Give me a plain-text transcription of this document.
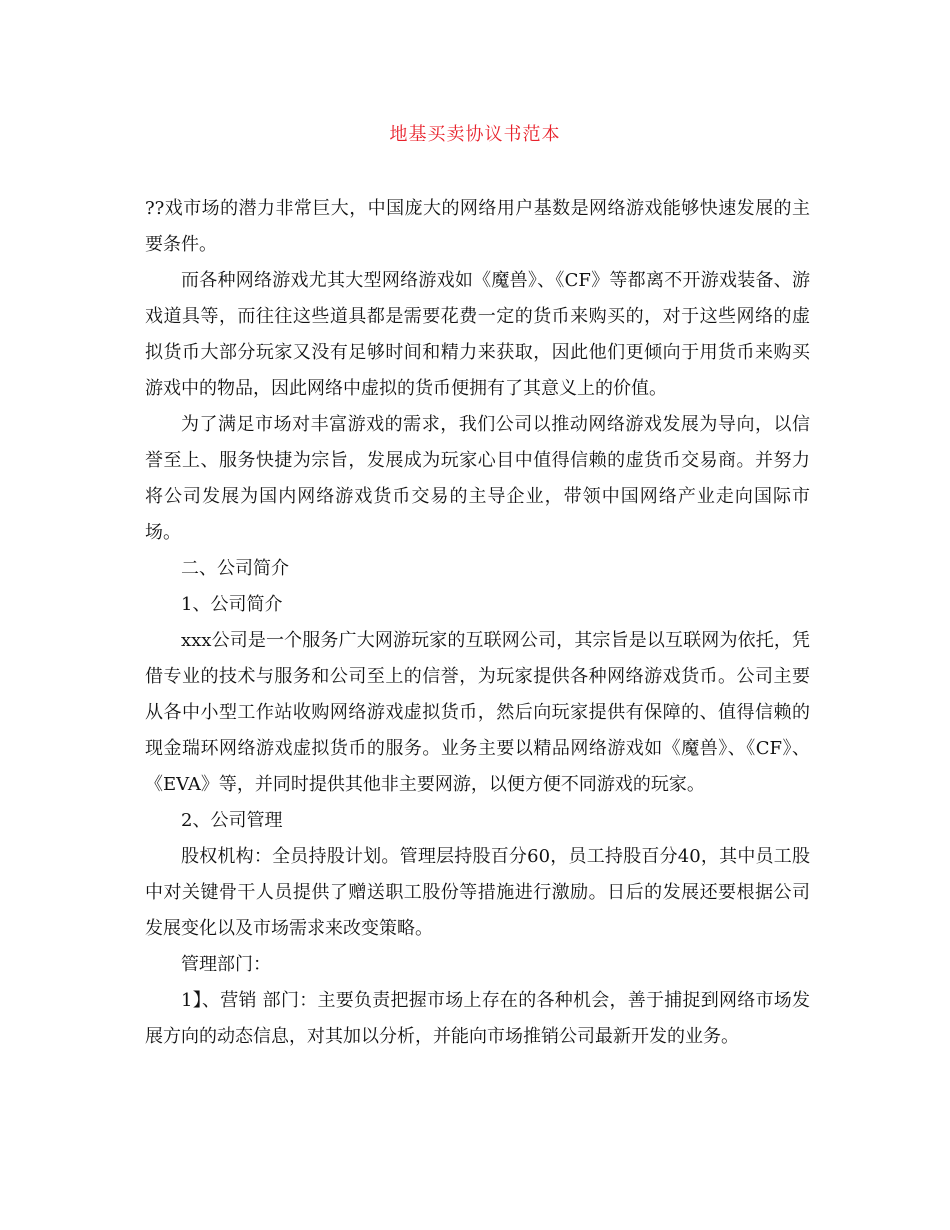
地基买卖协议书范本

??戏市场的潜力非常巨大，中国庞大的网络用户基数是网络游戏能够快速发展的主要条件。

而各种网络游戏尤其大型网络游戏如《魔兽》、《CF》等都离不开游戏装备、游戏道具等，而往往这些道具都是需要花费一定的货币来购买的，对于这些网络的虚拟货币大部分玩家又没有足够时间和精力来获取，因此他们更倾向于用货币来购买游戏中的物品，因此网络中虚拟的货币便拥有了其意义上的价值。

为了满足市场对丰富游戏的需求，我们公司以推动网络游戏发展为导向，以信誉至上、服务快捷为宗旨，发展成为玩家心目中值得信赖的虚货币交易商。并努力将公司发展为国内网络游戏货币交易的主导企业，带领中国网络产业走向国际市场。

二、公司简介

1、公司简介

xxx公司是一个服务广大网游玩家的互联网公司，其宗旨是以互联网为依托，凭借专业的技术与服务和公司至上的信誉，为玩家提供各种网络游戏货币。公司主要从各中小型工作站收购网络游戏虚拟货币，然后向玩家提供有保障的、值得信赖的现金瑞环网络游戏虚拟货币的服务。业务主要以精品网络游戏如《魔兽》、《CF》、《EVA》等，并同时提供其他非主要网游，以便方便不同游戏的玩家。

2、公司管理

股权机构：全员持股计划。管理层持股百分60，员工持股百分40，其中员工股中对关键骨干人员提供了赠送职工股份等措施进行激励。日后的发展还要根据公司发展变化以及市场需求来改变策略。

管理部门：

1】、营销 部门：主要负责把握市场上存在的各种机会，善于捕捉到网络市场发展方向的动态信息，对其加以分析，并能向市场推销公司最新开发的业务。
